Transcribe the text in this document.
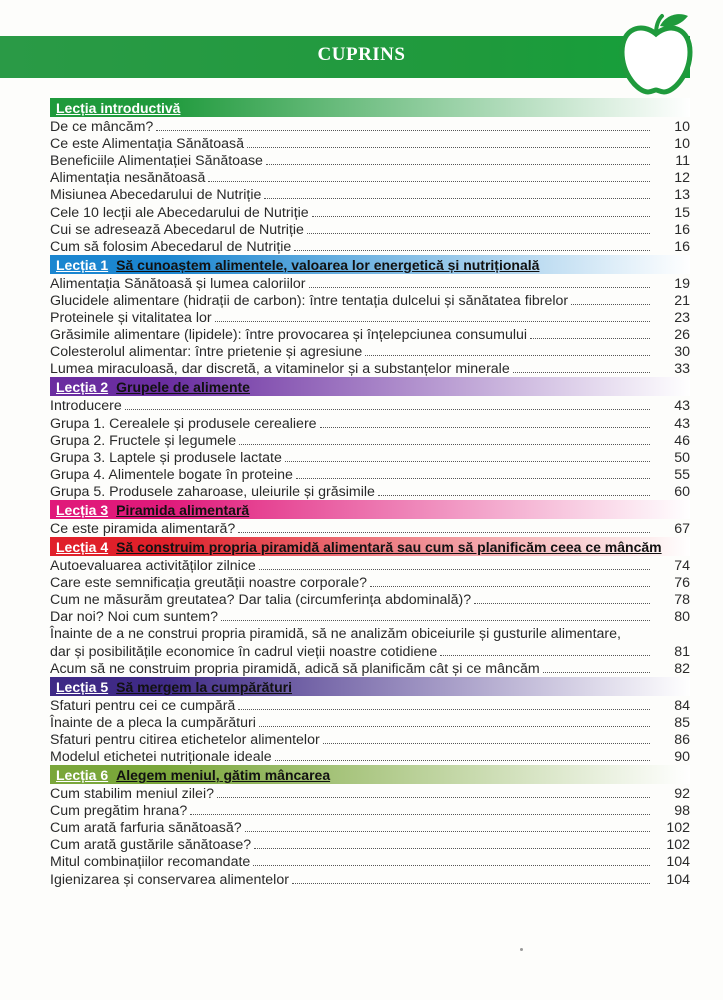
CUPRINS
Lecția introductivă
De ce mâncăm?	10
Ce este Alimentația Sănătoasă	10
Beneficiile Alimentației Sănătoase	11
Alimentația nesănătoasă	12
Misiunea Abecedarului de Nutriție	13
Cele 10 lecții ale Abecedarului de Nutriție	15
Cui se adresează Abecedarul de Nutriție	16
Cum să folosim Abecedarul de Nutriție	16
Lecția 1 Să cunoaștem alimentele, valoarea lor energetică și nutrițională
Alimentația Sănătoasă și lumea caloriilor	19
Glucidele alimentare (hidrații de carbon): între tentația dulcelui și sănătatea fibrelor	21
Proteinele și vitalitatea lor	23
Grăsimile alimentare (lipidele): între provocarea și înțelepciunea consumului	26
Colesterolul alimentar: între prietenie și agresiune	30
Lumea miraculoasă, dar discretă, a vitaminelor și a substanțelor minerale	33
Lecția 2 Grupele de alimente
Introducere	43
Grupa 1. Cerealele și produsele cerealiere	43
Grupa 2. Fructele și legumele	46
Grupa 3. Laptele și produsele lactate	50
Grupa 4. Alimentele bogate în proteine	55
Grupa 5. Produsele zaharoase, uleiurile și grăsimile	60
Lecția 3 Piramida alimentară
Ce este piramida alimentară?	67
Lecția 4 Să construim propria piramidă alimentară sau cum să planificăm ceea ce mâncăm
Autoevaluarea activităților zilnice	74
Care este semnificația greutății noastre corporale?	76
Cum ne măsurăm greutatea? Dar talia (circumferința abdominală)?	78
Dar noi? Noi cum suntem?	80
Înainte de a ne construi propria piramidă, să ne analizăm obiceiurile și gusturile alimentare,
dar și posibilitățile economice în cadrul vieții noastre cotidiene	81
Acum să ne construim propria piramidă, adică să planificăm cât și ce mâncăm	82
Lecția 5 Să mergem la cumpărături
Sfaturi pentru cei ce cumpără	84
Înainte de a pleca la cumpărături	85
Sfaturi pentru citirea etichetelor alimentelor	86
Modelul etichetei nutriționale ideale	90
Lecția 6 Alegem meniul, gătim mâncarea
Cum stabilim meniul zilei?	92
Cum pregătim hrana?	98
Cum arată farfuria sănătoasă?	102
Cum arată gustările sănătoase?	102
Mitul combinațiilor recomandate	104
Igienizarea și conservarea alimentelor	104
